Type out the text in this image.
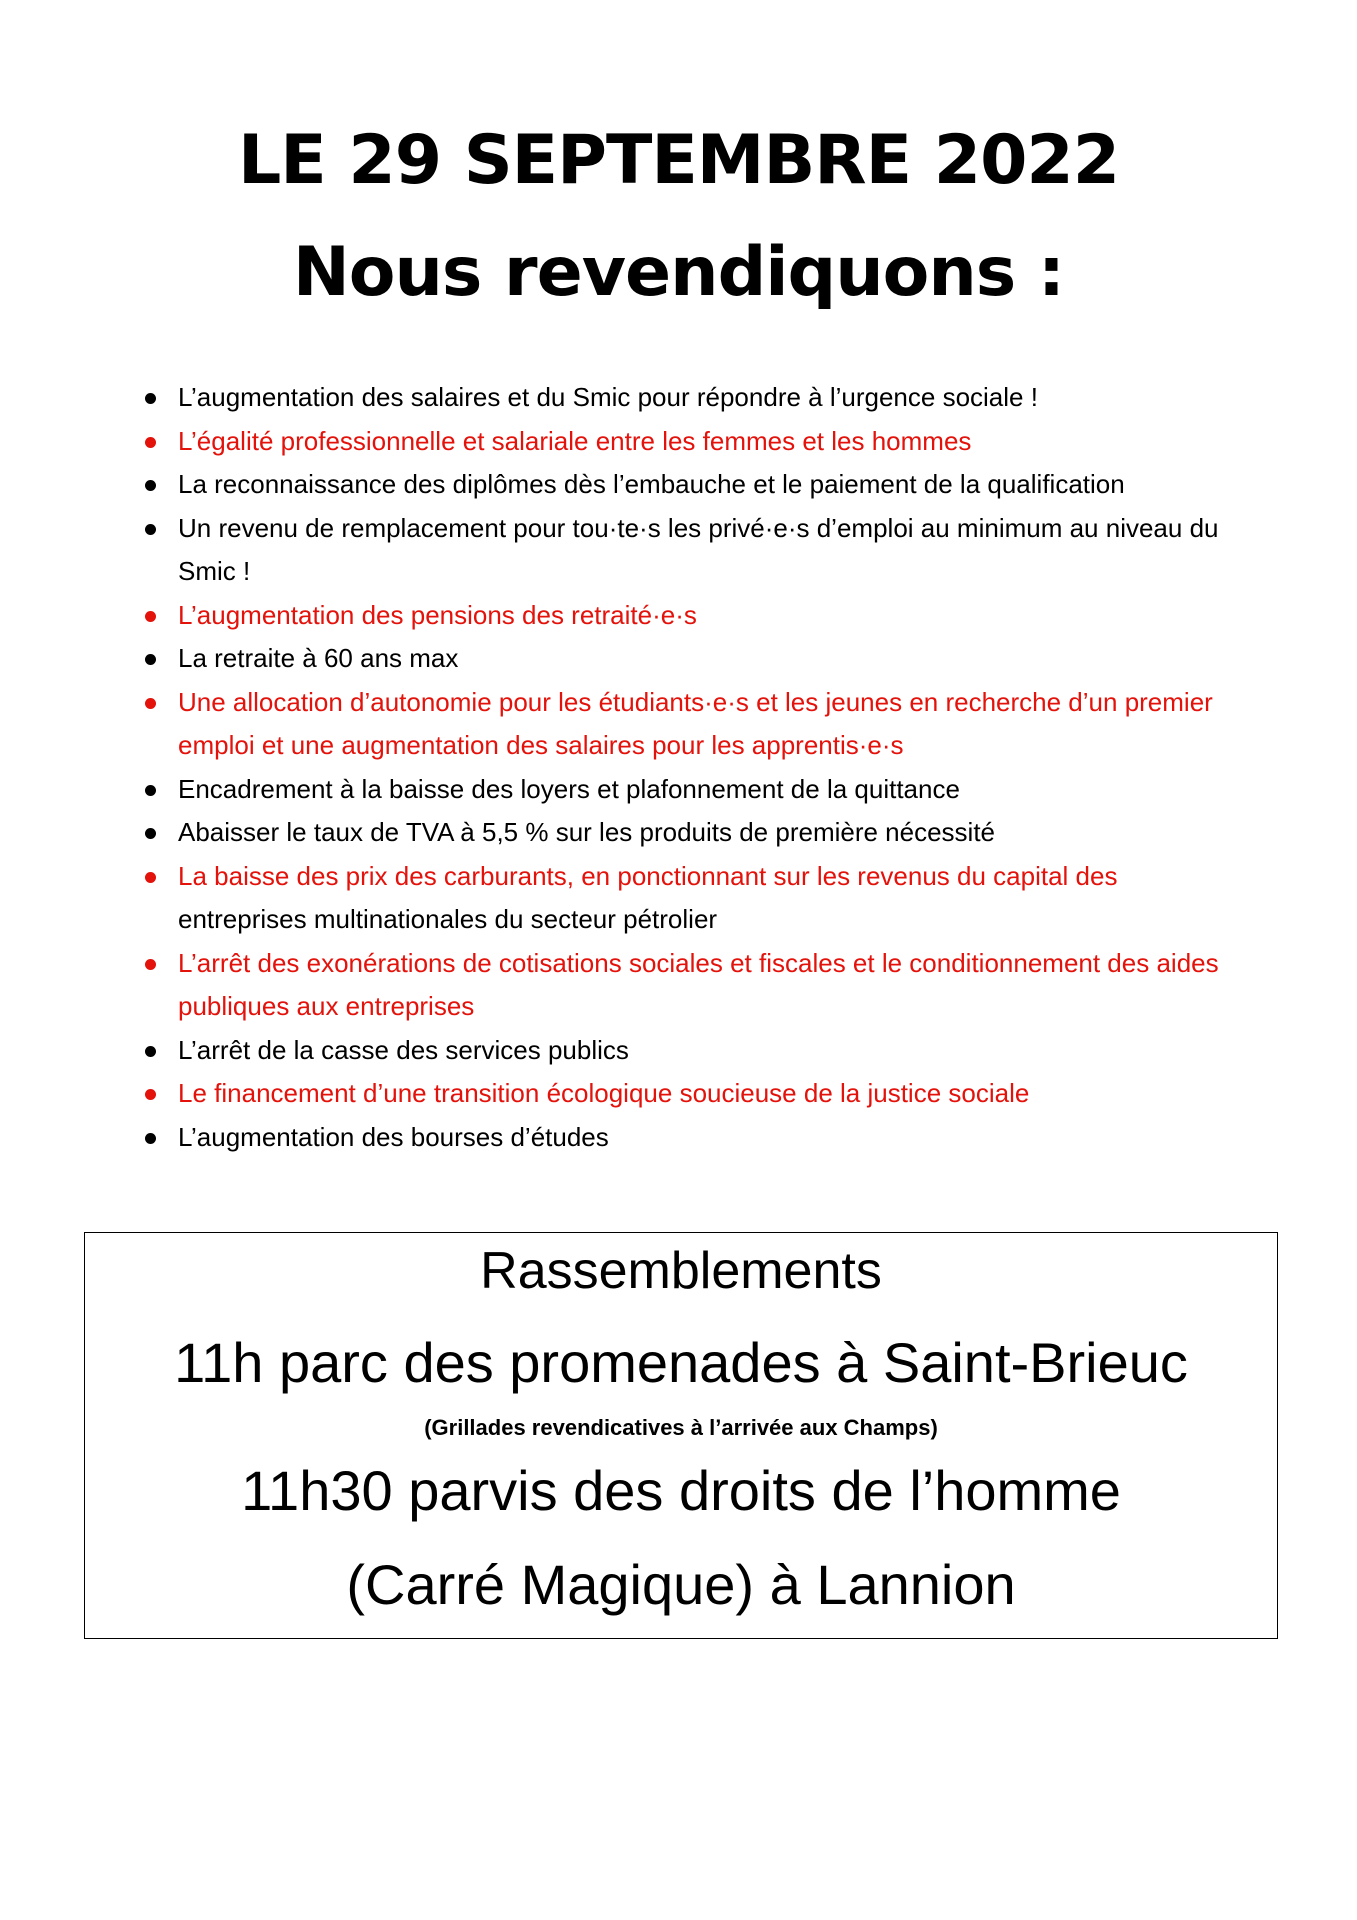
LE 29 SEPTEMBRE 2022
Nous revendiquons :
L’augmentation des salaires et du Smic pour répondre à l’urgence sociale !
L’égalité professionnelle et salariale entre les femmes et les hommes
La reconnaissance des diplômes dès l’embauche et le paiement de la qualification
Un revenu de remplacement pour tou·te·s les privé·e·s d’emploi au minimum au niveau du Smic !
L’augmentation des pensions des retraité·e·s
La retraite à 60 ans max
Une allocation d’autonomie pour les étudiants·e·s et les jeunes en recherche d’un premier emploi et une augmentation des salaires pour les apprentis·e·s
Encadrement à la baisse des loyers et plafonnement de la quittance
Abaisser le taux de TVA à 5,5 % sur les produits de première nécessité
La baisse des prix des carburants, en ponctionnant sur les revenus du capital des
entreprises multinationales du secteur pétrolier
L’arrêt des exonérations de cotisations sociales et fiscales et le conditionnement des aides publiques aux entreprises
L’arrêt de la casse des services publics
Le financement d’une transition écologique soucieuse de la justice sociale
L’augmentation des bourses d’études
Rassemblements
11h parc des promenades à Saint-Brieuc
(Grillades revendicatives à l’arrivée aux Champs)
11h30 parvis des droits de l’homme
(Carré Magique) à Lannion
